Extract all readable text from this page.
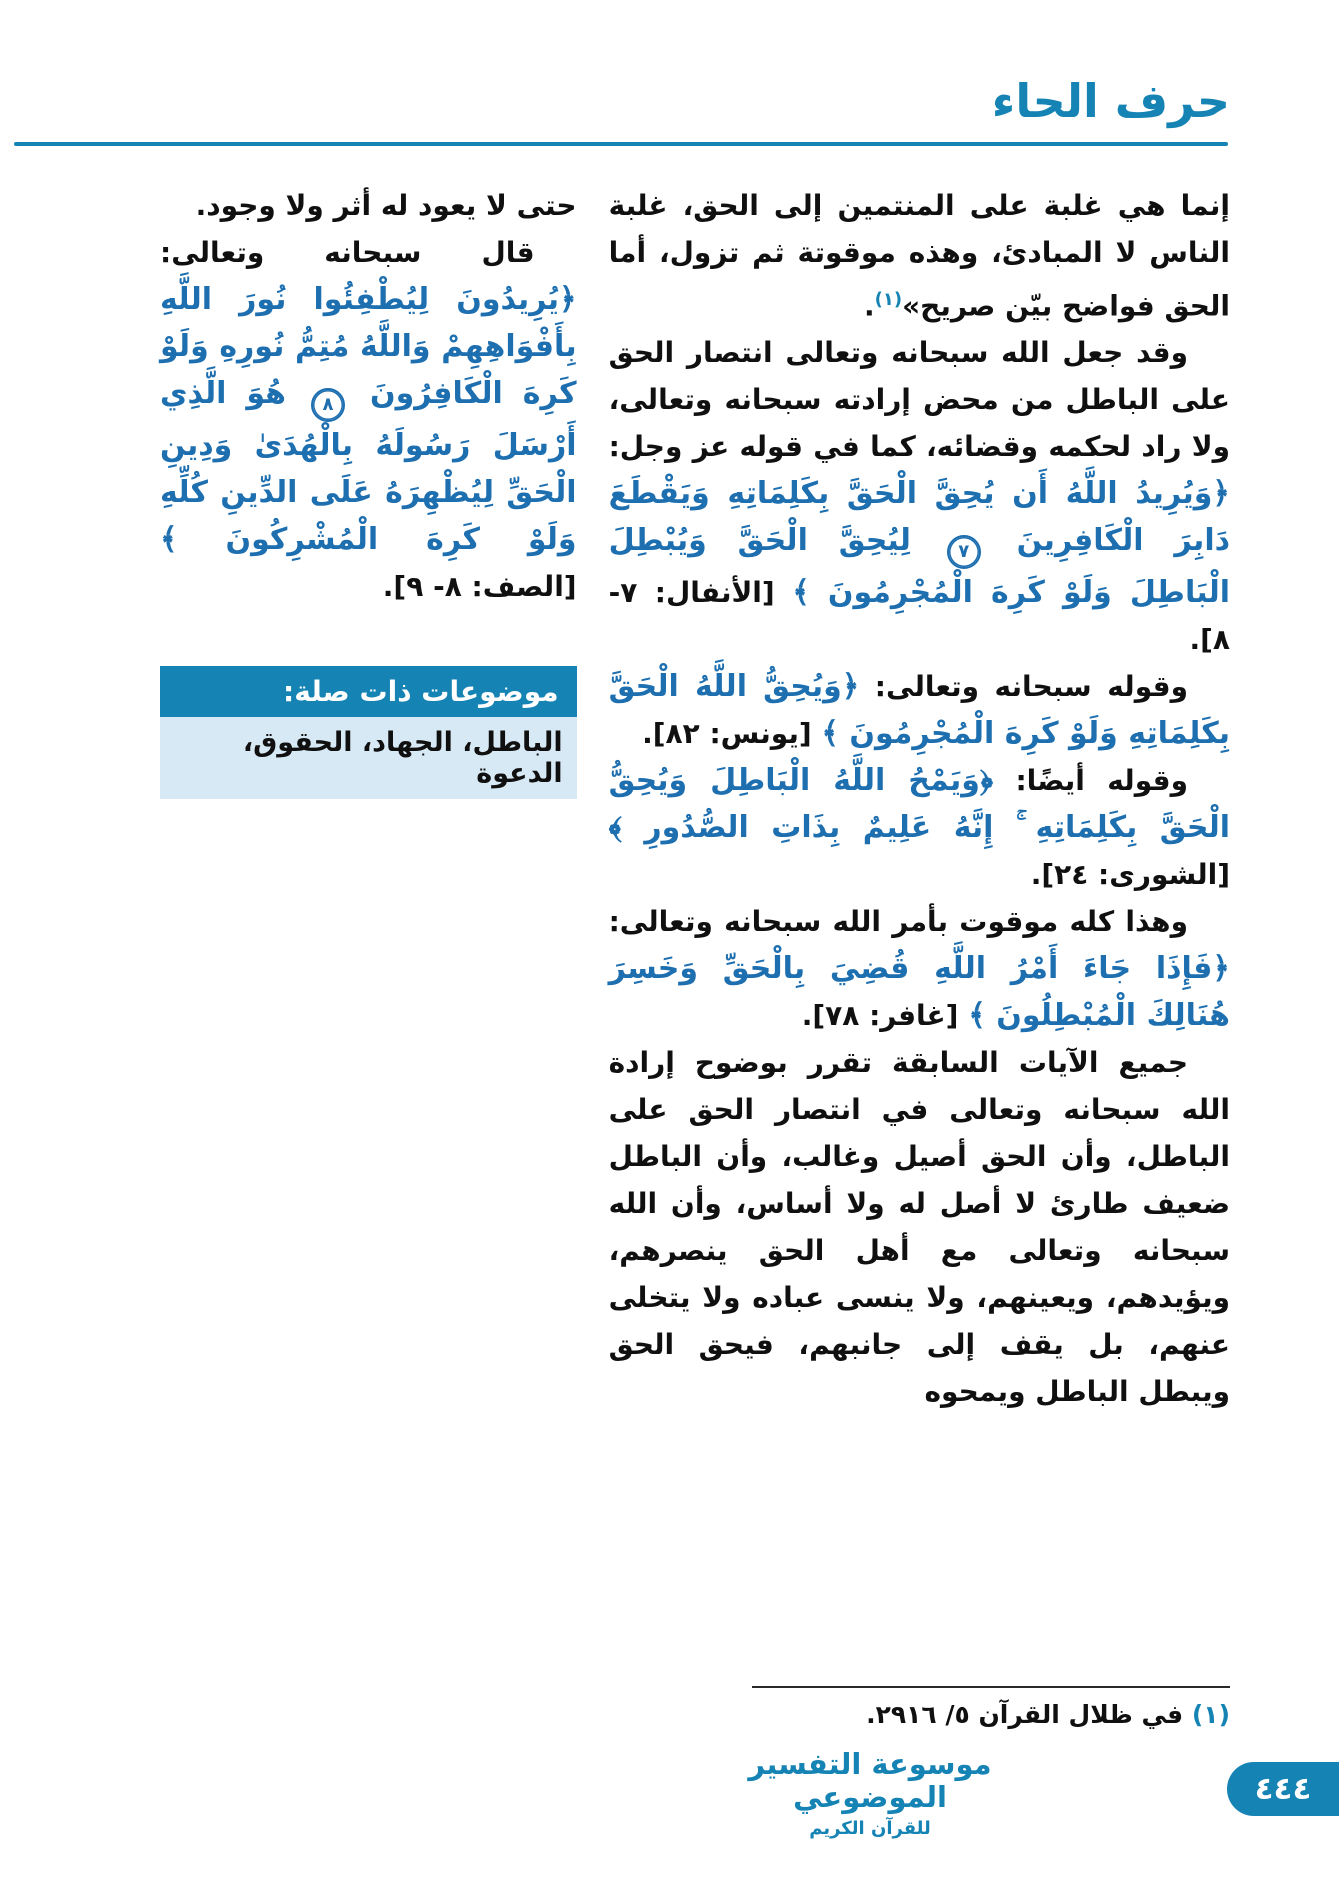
حرف الحاء

إنما هي غلبة على المنتمين إلى الحق، غلبة الناس لا المبادئ، وهذه موقوتة ثم تزول، أما الحق فواضح بيّن صريح»$^{(١)}$.

وقد جعل الله سبحانه وتعالى انتصار الحق على الباطل من محض إرادته سبحانه وتعالى، ولا راد لحكمه وقضائه، كما في قوله عز وجل: ﴿وَيُرِيدُ اللَّهُ أَن يُحِقَّ الْحَقَّ بِكَلِمَاتِهِ وَيَقْطَعَ دَابِرَ الْكَافِرِينَ ٧ لِيُحِقَّ الْحَقَّ وَيُبْطِلَ الْبَاطِلَ وَلَوْ كَرِهَ الْمُجْرِمُونَ ﴾ [الأنفال: ٧- ٨].

وقوله سبحانه وتعالى: ﴿وَيُحِقُّ اللَّهُ الْحَقَّ بِكَلِمَاتِهِ وَلَوْ كَرِهَ الْمُجْرِمُونَ ﴾ [يونس: ٨٢].

وقوله أيضًا: ﴿وَيَمْحُ اللَّهُ الْبَاطِلَ وَيُحِقُّ الْحَقَّ بِكَلِمَاتِهِ ۚ إِنَّهُ عَلِيمٌ بِذَاتِ الصُّدُورِ ﴾ [الشورى: ٢٤].

وهذا كله موقوت بأمر الله سبحانه وتعالى: ﴿فَإِذَا جَاءَ أَمْرُ اللَّهِ قُضِيَ بِالْحَقِّ وَخَسِرَ هُنَالِكَ الْمُبْطِلُونَ ﴾ [غافر: ٧٨].

جميع الآيات السابقة تقرر بوضوح إرادة الله سبحانه وتعالى في انتصار الحق على الباطل، وأن الحق أصيل وغالب، وأن الباطل ضعيف طارئ لا أصل له ولا أساس، وأن الله سبحانه وتعالى مع أهل الحق ينصرهم، ويؤيدهم، ويعينهم، ولا ينسى عباده ولا يتخلى عنهم، بل يقف إلى جانبهم، فيحق الحق ويبطل الباطل ويمحوه

حتى لا يعود له أثر ولا وجود.

قال سبحانه وتعالى: ﴿يُرِيدُونَ لِيُطْفِئُوا نُورَ اللَّهِ بِأَفْوَاهِهِمْ وَاللَّهُ مُتِمُّ نُورِهِ وَلَوْ كَرِهَ الْكَافِرُونَ ٨ هُوَ الَّذِي أَرْسَلَ رَسُولَهُ بِالْهُدَىٰ وَدِينِ الْحَقِّ لِيُظْهِرَهُ عَلَى الدِّينِ كُلِّهِ وَلَوْ كَرِهَ الْمُشْرِكُونَ ﴾ [الصف: ٨- ٩].

موضوعات ذات صلة:
الباطل، الجهاد، الحقوق، الدعوة

(١) في ظلال القرآن ٥/ ٢٩١٦.

موسوعة التفسير الموضوعي
للقرآن الكريم
٤٤٤
